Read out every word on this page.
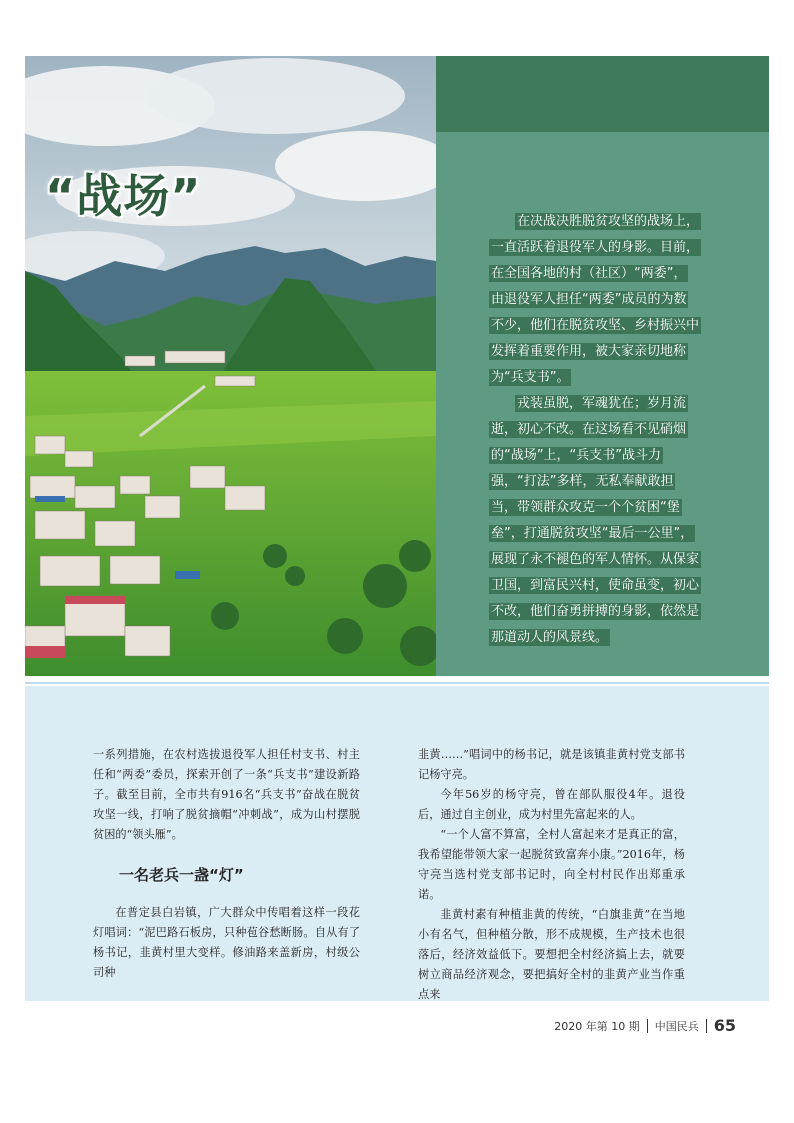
“战场”	在决战决胜脱贫攻坚的战场上，一直活跃着退役军人的身影。目前，在全国各地的村（社区）“两委”，由退役军人担任“两委”成员的为数不少，他们在脱贫攻坚、乡村振兴中发挥着重要作用，被大家亲切地称为“兵支书”。

戎装虽脱，军魂犹在；岁月流逝，初心不改。在这场看不见硝烟的“战场”上，“兵支书”战斗力强，“打法”多样，无私奉献敢担当，带领群众攻克一个个贫困“堡垒”，打通脱贫攻坚“最后一公里”，展现了永不褪色的军人情怀。从保家卫国，到富民兴村，使命虽变，初心不改，他们奋勇拼搏的身影，依然是那道动人的风景线。

一系列措施，在农村选拔退役军人担任村支书、村主任和“两委”委员，探索开创了一条“兵支书”建设新路子。截至目前，全市共有916名“兵支书”奋战在脱贫攻坚一线，打响了脱贫摘帽“冲刺战”，成为山村摆脱贫困的“领头雁”。

一名老兵一盏“灯”

在普定县白岩镇，广大群众中传唱着这样一段花灯唱词：“泥巴路石板房，只种苞谷愁断肠。自从有了杨书记，韭黄村里大变样。修油路来盖新房，村级公司种

韭黄……”唱词中的杨书记，就是该镇韭黄村党支部书记杨守亮。

今年56岁的杨守亮，曾在部队服役4年。退役后，通过自主创业，成为村里先富起来的人。

“一个人富不算富，全村人富起来才是真正的富，我希望能带领大家一起脱贫致富奔小康。”2016年，杨守亮当选村党支部书记时，向全村村民作出郑重承诺。

韭黄村素有种植韭黄的传统，“白旗韭黄”在当地小有名气，但种植分散，形不成规模，生产技术也很落后，经济效益低下。要想把全村经济搞上去，就要树立商品经济观念，要把搞好全村的韭黄产业当作重点来

2020 年第 10 期 中国民兵 65
